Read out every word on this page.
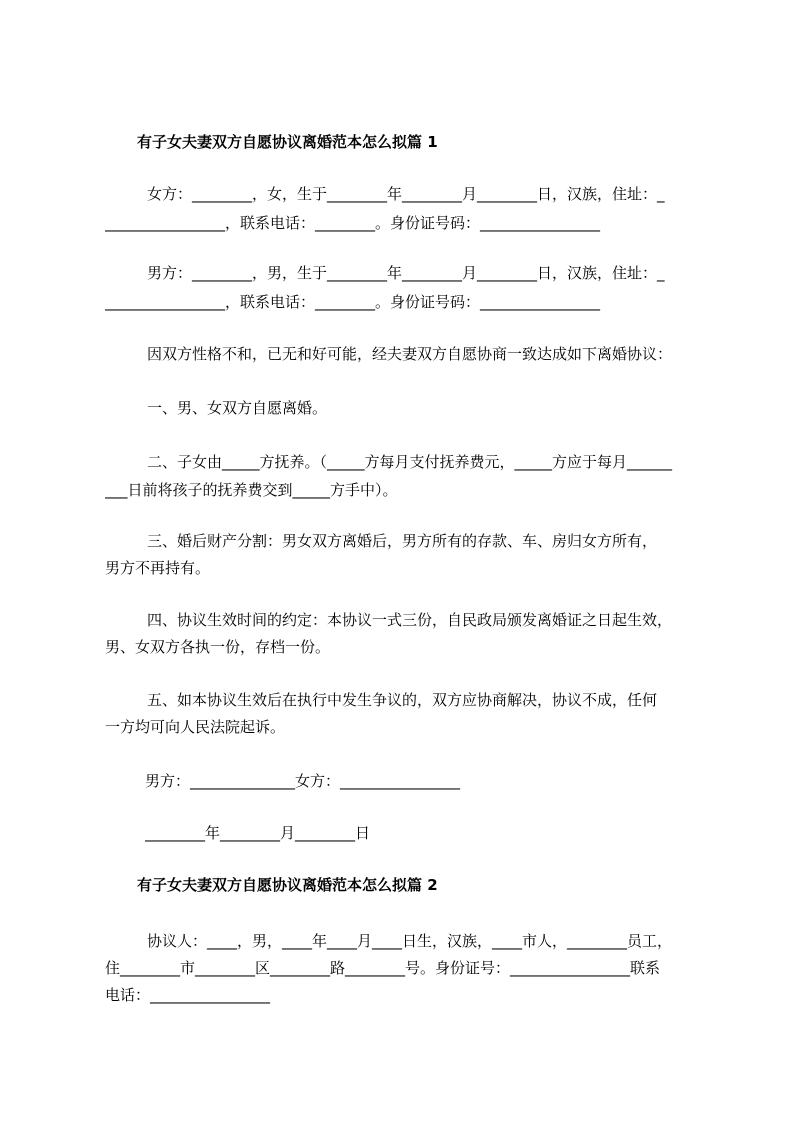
有子女夫妻双方自愿协议离婚范本怎么拟篇 1
女方：________，女，生于________年________月________日，汉族，住址：_
________________，联系电话：________。身份证号码：________________
男方：________，男，生于________年________月________日，汉族，住址：_
________________，联系电话：________。身份证号码：________________
因双方性格不和，已无和好可能，经夫妻双方自愿协商一致达成如下离婚协议：
一、男、女双方自愿离婚。
二、子女由_____方抚养。（_____方每月支付抚养费元，_____方应于每月______
___日前将孩子的抚养费交到_____方手中）。
三、婚后财产分割：男女双方离婚后，男方所有的存款、车、房归女方所有，
男方不再持有。
四、协议生效时间的约定：本协议一式三份，自民政局颁发离婚证之日起生效，
男、女双方各执一份，存档一份。
五、如本协议生效后在执行中发生争议的，双方应协商解决，协议不成，任何
一方均可向人民法院起诉。
男方：______________女方：________________
________年________月________日
有子女夫妻双方自愿协议离婚范本怎么拟篇 2
协议人：____，男，____年____月____日生，汉族，____市人，________员工，
住________市________区________路________号。身份证号：________________联系
电话：________________
